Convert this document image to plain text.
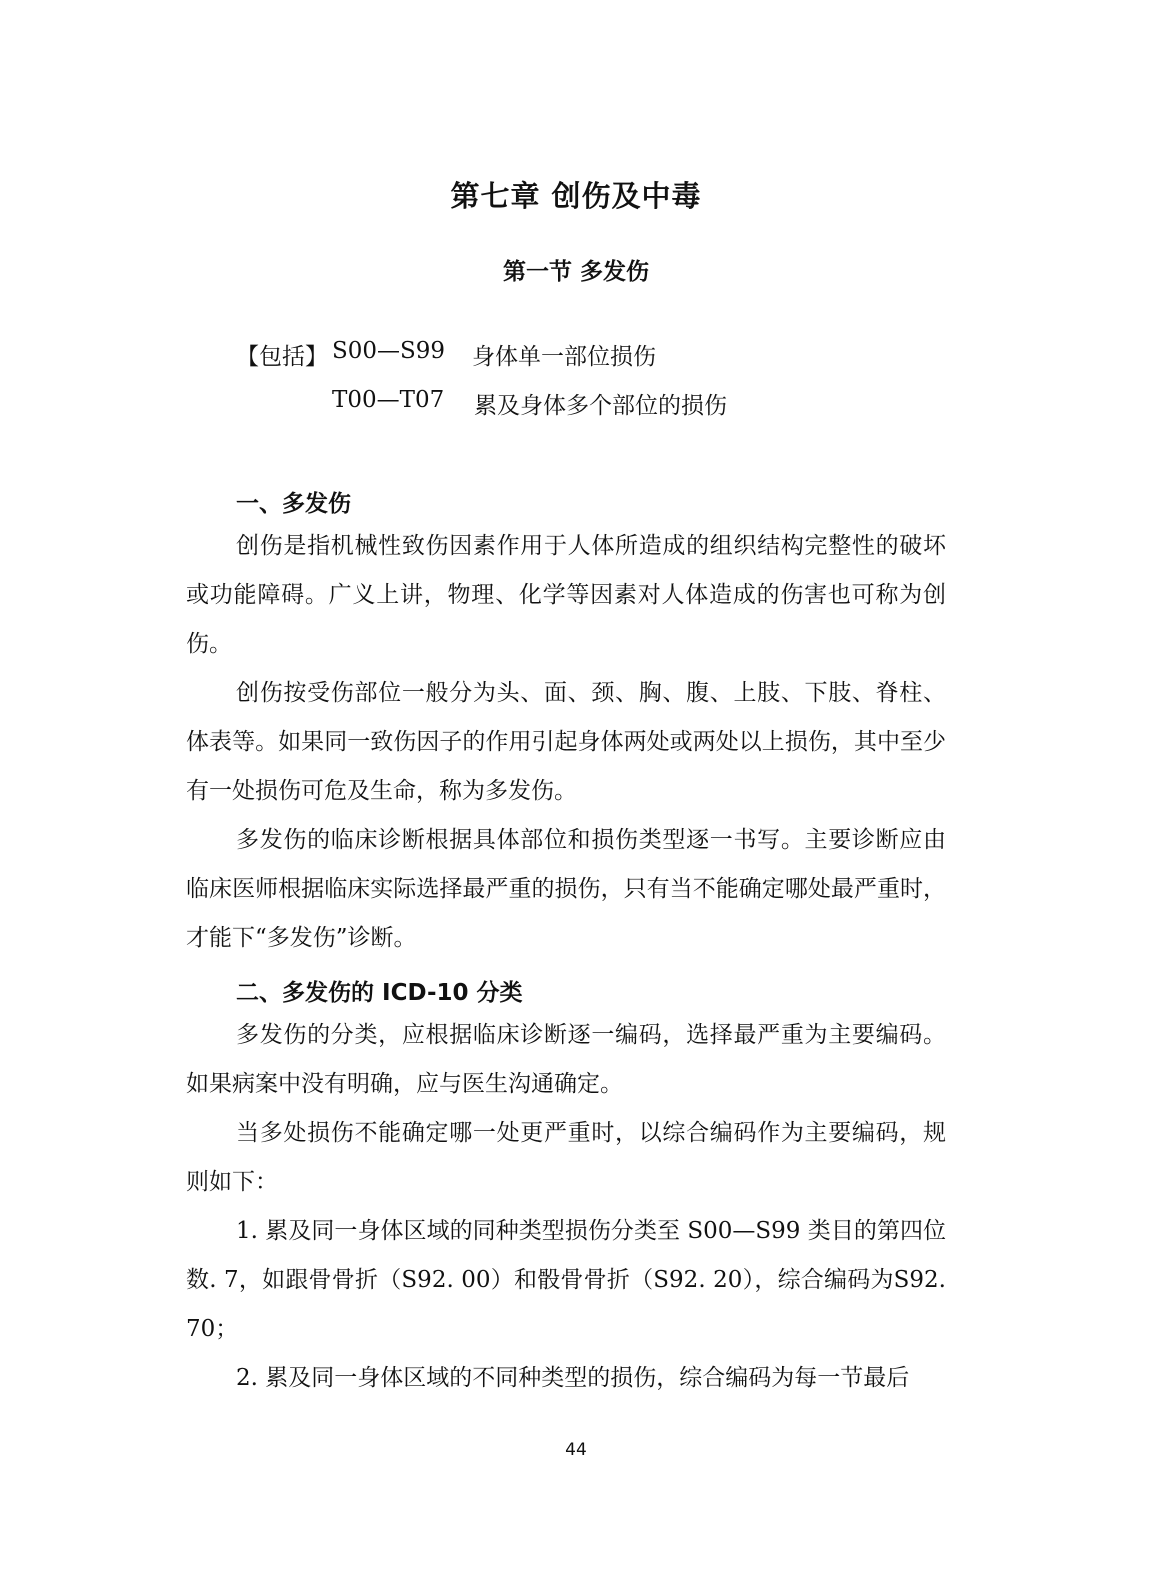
第七章 创伤及中毒
第一节 多发伤
【包括】 S00—S99 身体单一部位损伤
T00—T07 累及身体多个部位的损伤
一、多发伤

创伤是指机械性致伤因素作用于人体所造成的组织结构完整性的破坏或功能障碍。广义上讲，物理、化学等因素对人体造成的伤害也可称为创伤。

创伤按受伤部位一般分为头、面、颈、胸、腹、上肢、下肢、脊柱、体表等。如果同一致伤因子的作用引起身体两处或两处以上损伤，其中至少有一处损伤可危及生命，称为多发伤。

多发伤的临床诊断根据具体部位和损伤类型逐一书写。主要诊断应由临床医师根据临床实际选择最严重的损伤，只有当不能确定哪处最严重时，才能下“多发伤”诊断。

二、多发伤的 ICD-10 分类

多发伤的分类，应根据临床诊断逐一编码，选择最严重为主要编码。如果病案中没有明确，应与医生沟通确定。

当多处损伤不能确定哪一处更严重时，以综合编码作为主要编码，规则如下：

1. 累及同一身体区域的同种类型损伤分类至 S00—S99 类目的第四位数. 7，如跟骨骨折（S92. 00）和骰骨骨折（S92. 20），综合编码为S92. 70；

2. 累及同一身体区域的不同种类型的损伤，综合编码为每一节最后

44
